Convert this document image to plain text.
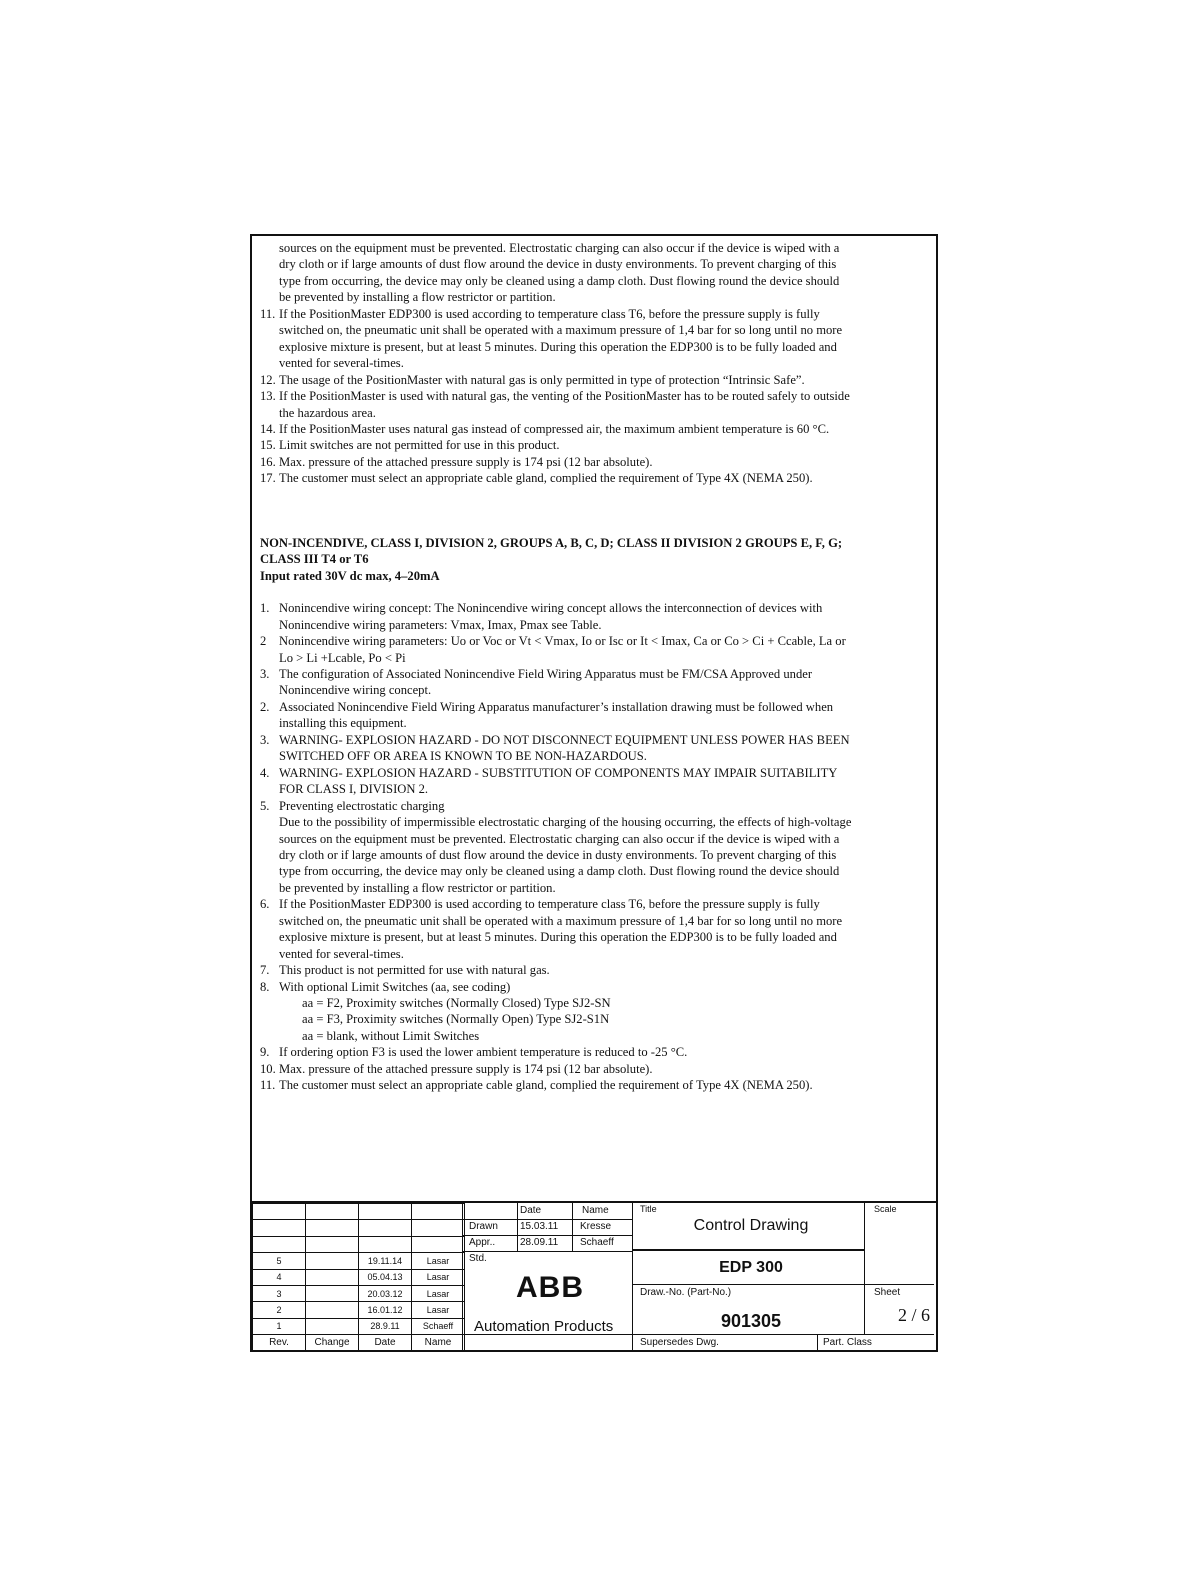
sources on the equipment must be prevented. Electrostatic charging can also occur if the device is wiped with a
dry cloth or if large amounts of dust flow around the device in dusty environments. To prevent charging of this
type from occurring, the device may only be cleaned using a damp cloth. Dust flowing round the device should
be prevented by installing a flow restrictor or partition.
11. If the PositionMaster EDP300 is used according to temperature class T6, before the pressure supply is fully
switched on, the pneumatic unit shall be operated with a maximum pressure of 1,4 bar for so long until no more
explosive mixture is present, but at least 5 minutes. During this operation the EDP300 is to be fully loaded and
vented for several-times.
12. The usage of the PositionMaster with natural gas is only permitted in type of protection “Intrinsic Safe”.
13. If the PositionMaster is used with natural gas, the venting of the PositionMaster has to be routed safely to outside
the hazardous area.
14. If the PositionMaster uses natural gas instead of compressed air, the maximum ambient temperature is 60 °C.
15. Limit switches are not permitted for use in this product.
16. Max. pressure of the attached pressure supply is 174 psi (12 bar absolute).
17. The customer must select an appropriate cable gland, complied the requirement of Type 4X (NEMA 250).
NON-INCENDIVE, CLASS I, DIVISION 2, GROUPS A, B, C, D; CLASS II DIVISION 2 GROUPS E, F, G;
CLASS III T4 or T6
Input rated 30V dc max, 4–20mA
1. Nonincendive wiring concept: The Nonincendive wiring concept allows the interconnection of devices with
Nonincendive wiring parameters: Vmax, Imax, Pmax see Table.
2 Nonincendive wiring parameters: Uo or Voc or Vt < Vmax, Io or Isc or It < Imax, Ca or Co > Ci + Ccable, La or
Lo > Li +Lcable, Po < Pi
3. The configuration of Associated Nonincendive Field Wiring Apparatus must be FM/CSA Approved under
Nonincendive wiring concept.
2. Associated Nonincendive Field Wiring Apparatus manufacturer’s installation drawing must be followed when
installing this equipment.
3. WARNING- EXPLOSION HAZARD - DO NOT DISCONNECT EQUIPMENT UNLESS POWER HAS BEEN
SWITCHED OFF OR AREA IS KNOWN TO BE NON-HAZARDOUS.
4. WARNING- EXPLOSION HAZARD - SUBSTITUTION OF COMPONENTS MAY IMPAIR SUITABILITY
FOR CLASS I, DIVISION 2.
5. Preventing electrostatic charging
Due to the possibility of impermissible electrostatic charging of the housing occurring, the effects of high-voltage
sources on the equipment must be prevented. Electrostatic charging can also occur if the device is wiped with a
dry cloth or if large amounts of dust flow around the device in dusty environments. To prevent charging of this
type from occurring, the device may only be cleaned using a damp cloth. Dust flowing round the device should
be prevented by installing a flow restrictor or partition.
6. If the PositionMaster EDP300 is used according to temperature class T6, before the pressure supply is fully
switched on, the pneumatic unit shall be operated with a maximum pressure of 1,4 bar for so long until no more
explosive mixture is present, but at least 5 minutes. During this operation the EDP300 is to be fully loaded and
vented for several-times.
7. This product is not permitted for use with natural gas.
8. With optional Limit Switches (aa, see coding)
aa = F2, Proximity switches (Normally Closed) Type SJ2-SN
aa = F3, Proximity switches (Normally Open) Type SJ2-S1N
aa = blank, without Limit Switches
9. If ordering option F3 is used the lower ambient temperature is reduced to -25 °C.
10. Max. pressure of the attached pressure supply is 174 psi (12 bar absolute).
11. The customer must select an appropriate cable gland, complied the requirement of Type 4X (NEMA 250).

5		19.11.14	Lasar
4		05.04.13	Lasar
3		20.03.12	Lasar
2		16.01.12	Lasar
1		28.9.11	Schaeff
Rev.	Change	Date	Name
Date	Name
Drawn 15.03.11 Kresse
Appr.. 28.09.11 Schaeff
Std.
ABB
Automation Products
Title
Control Drawing
EDP 300
Draw.-No. (Part-No.)
901305
Scale
Sheet
2 / 6
Supersedes Dwg.	Part. Class
